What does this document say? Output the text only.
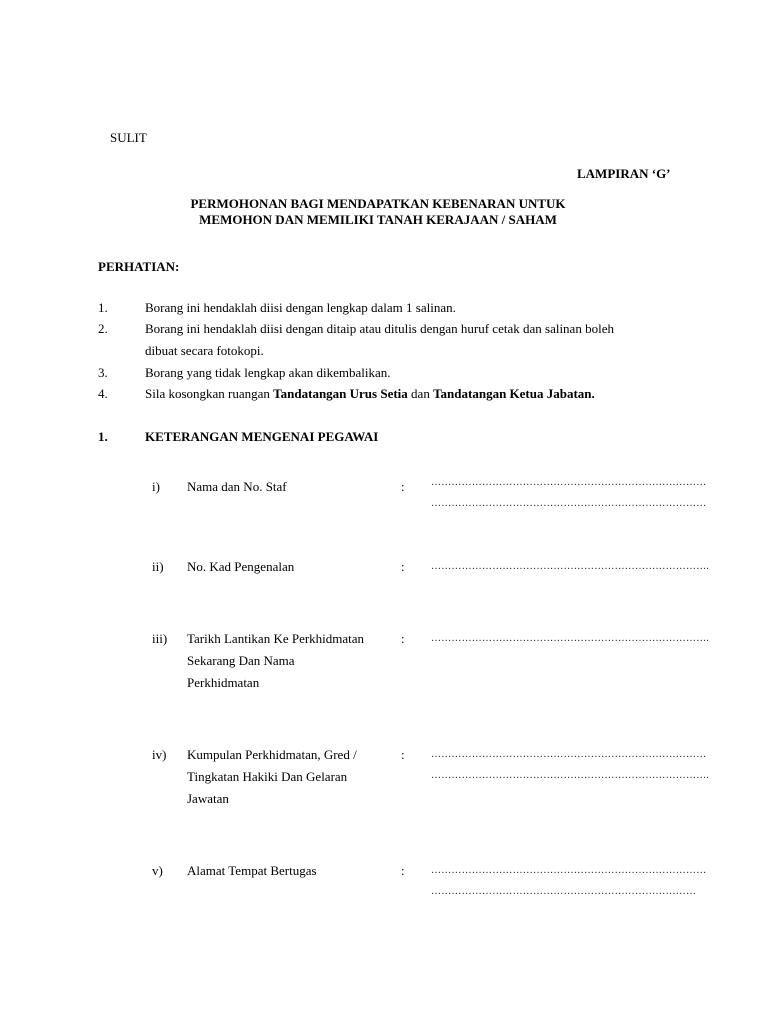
SULIT
LAMPIRAN ‘G’
PERMOHONAN BAGI MENDAPATKAN KEBENARAN UNTUK
MEMOHON DAN MEMILIKI TANAH KERAJAAN / SAHAM
PERHATIAN:
1.	Borang ini hendaklah diisi dengan lengkap dalam 1 salinan.
2.	Borang ini hendaklah diisi dengan ditaip atau ditulis dengan huruf cetak dan salinan boleh
dibuat secara fotokopi.
3.	Borang yang tidak lengkap akan dikembalikan.
4.	Sila kosongkan ruangan Tandatangan Urus Setia dan Tandatangan Ketua Jabatan.
1.	KETERANGAN MENGENAI PEGAWAI
i) Nama dan No. Staf	:	………………………………………………………………………
………………………………………………………………………
ii) No. Kad Pengenalan	:	……………………………………………………………………….
iii) Tarikh Lantikan Ke Perkhidmatan
Sekarang Dan Nama
Perkhidmatan
:	……………………………………………………………………….
iv) Kumpulan Perkhidmatan, Gred /
Tingkatan Hakiki Dan Gelaran
Jawatan
:	………………………………………………………………………
……………………………………………………………………….
v) Alamat Tempat Bertugas	:	………………………………………………………………………
……………………………………………………………………
